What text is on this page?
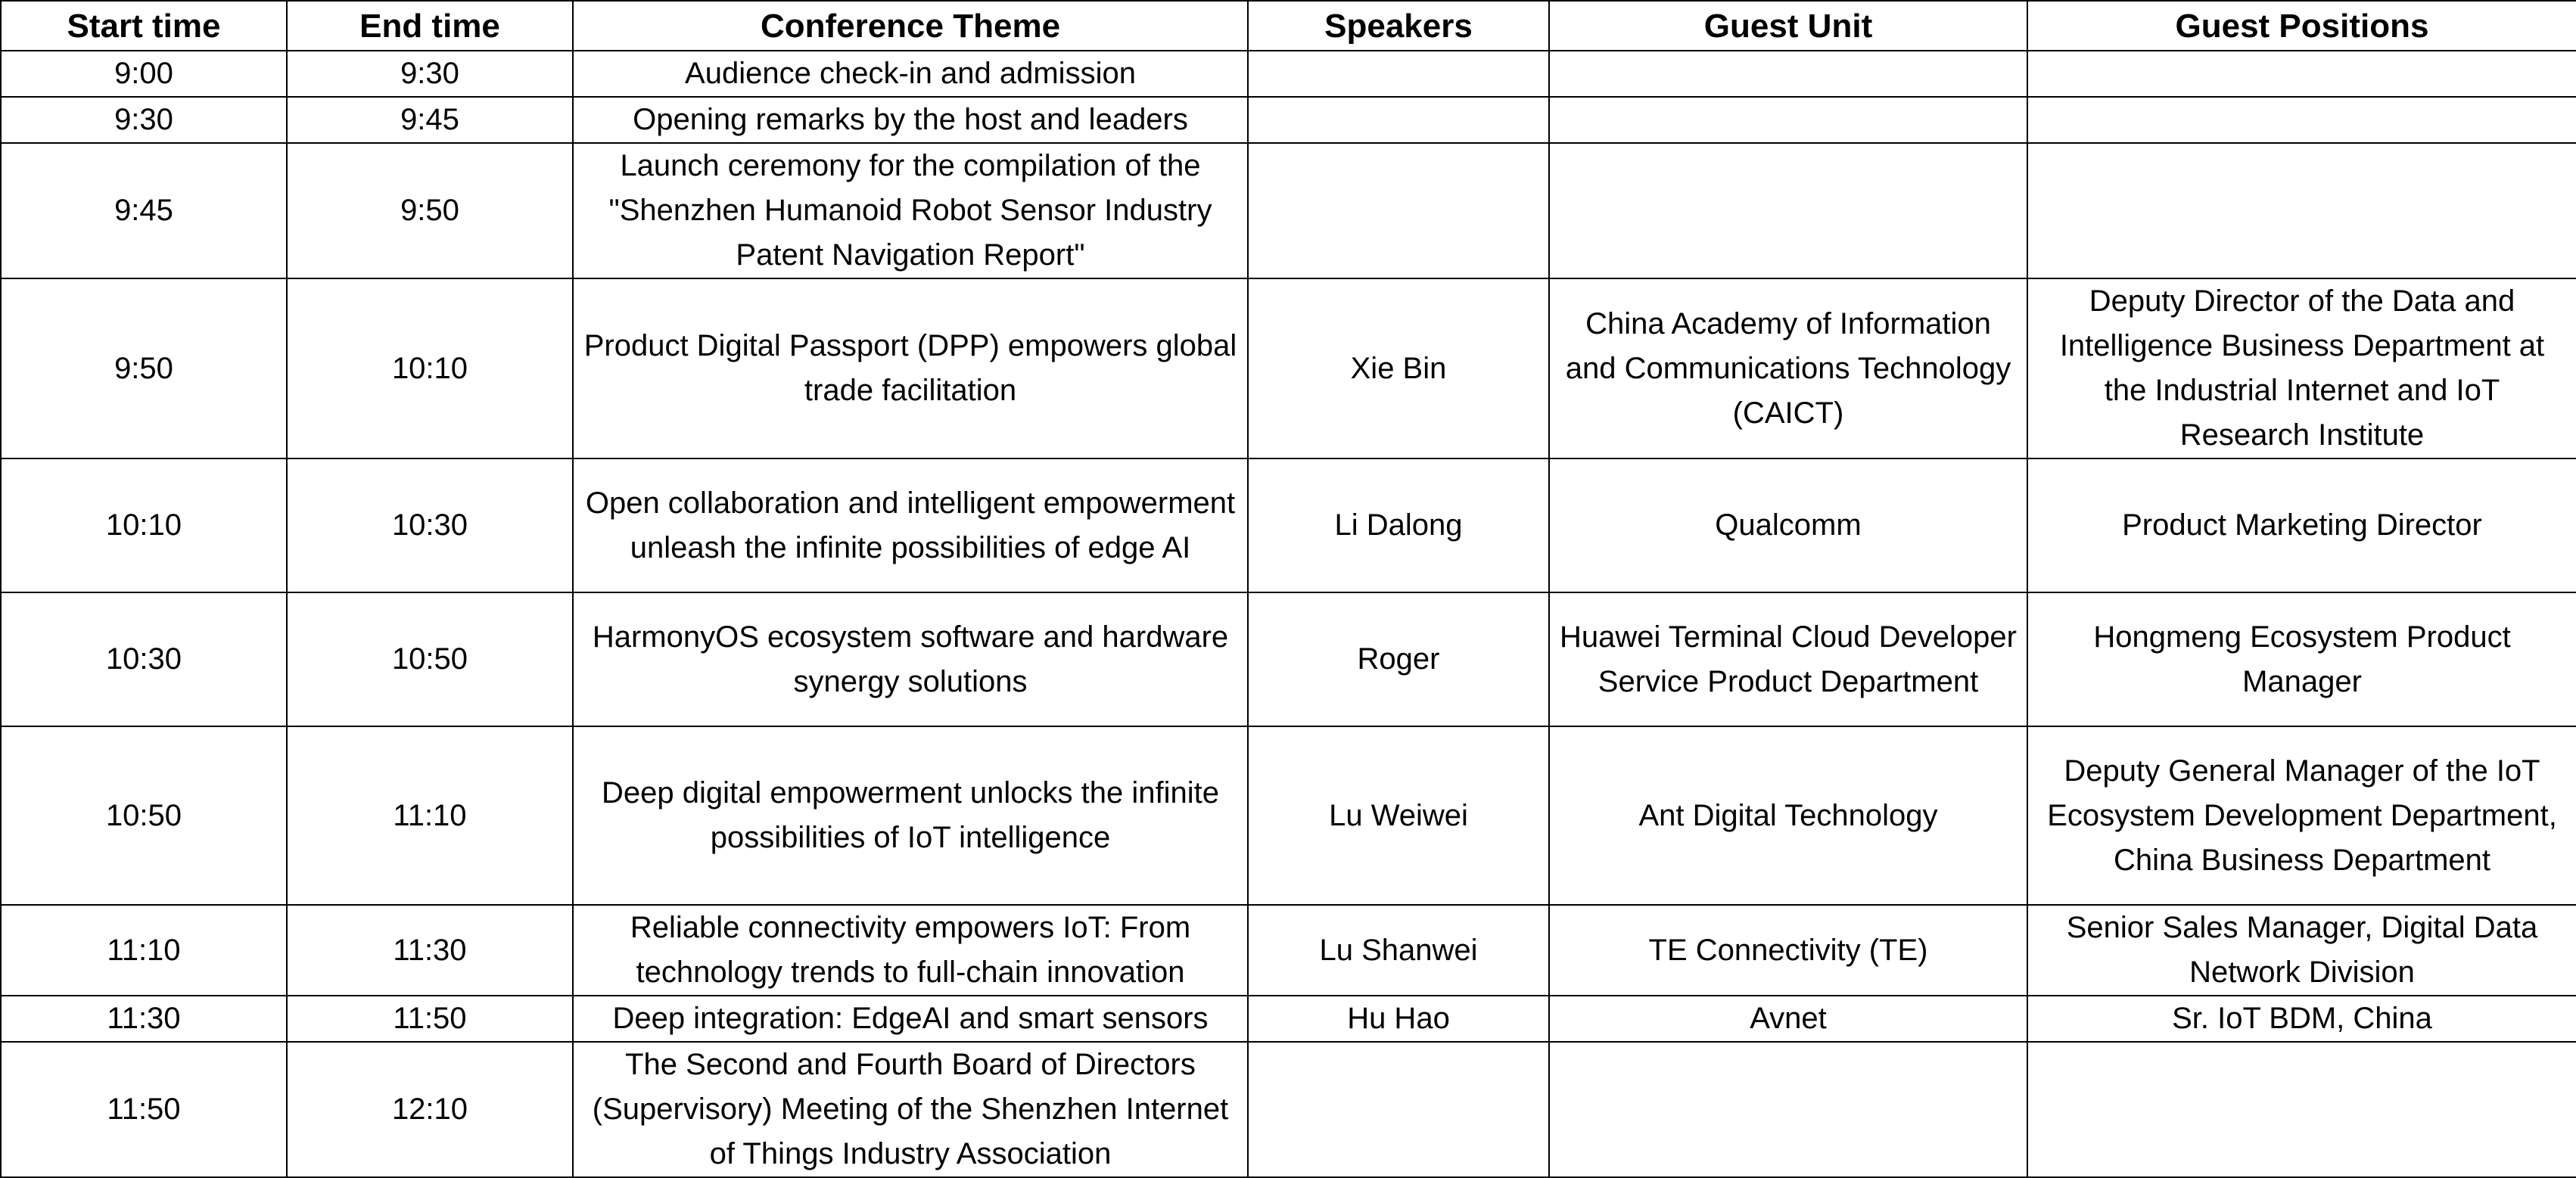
Start time	End time	Conference Theme	Speakers	Guest Unit	Guest Positions
9:00	9:30	Audience check-in and admission			
9:30	9:45	Opening remarks by the host and leaders			
9:45	9:50	Launch ceremony for the compilation of the "Shenzhen Humanoid Robot Sensor Industry Patent Navigation Report"			
9:50	10:10	Product Digital Passport (DPP) empowers global trade facilitation	Xie Bin	China Academy of Information and Communications Technology (CAICT)	Deputy Director of the Data and Intelligence Business Department at the Industrial Internet and IoT Research Institute
10:10	10:30	Open collaboration and intelligent empowerment unleash the infinite possibilities of edge AI	Li Dalong	Qualcomm	Product Marketing Director
10:30	10:50	HarmonyOS ecosystem software and hardware synergy solutions	Roger	Huawei Terminal Cloud Developer Service Product Department	Hongmeng Ecosystem Product Manager
10:50	11:10	Deep digital empowerment unlocks the infinite possibilities of IoT intelligence	Lu Weiwei	Ant Digital Technology	Deputy General Manager of the IoT Ecosystem Development Department, China Business Department
11:10	11:30	Reliable connectivity empowers IoT: From technology trends to full-chain innovation	Lu Shanwei	TE Connectivity (TE)	Senior Sales Manager, Digital Data Network Division
11:30	11:50	Deep integration: EdgeAI and smart sensors	Hu Hao	Avnet	Sr. IoT BDM, China
11:50	12:10	The Second and Fourth Board of Directors (Supervisory) Meeting of the Shenzhen Internet of Things Industry Association			
